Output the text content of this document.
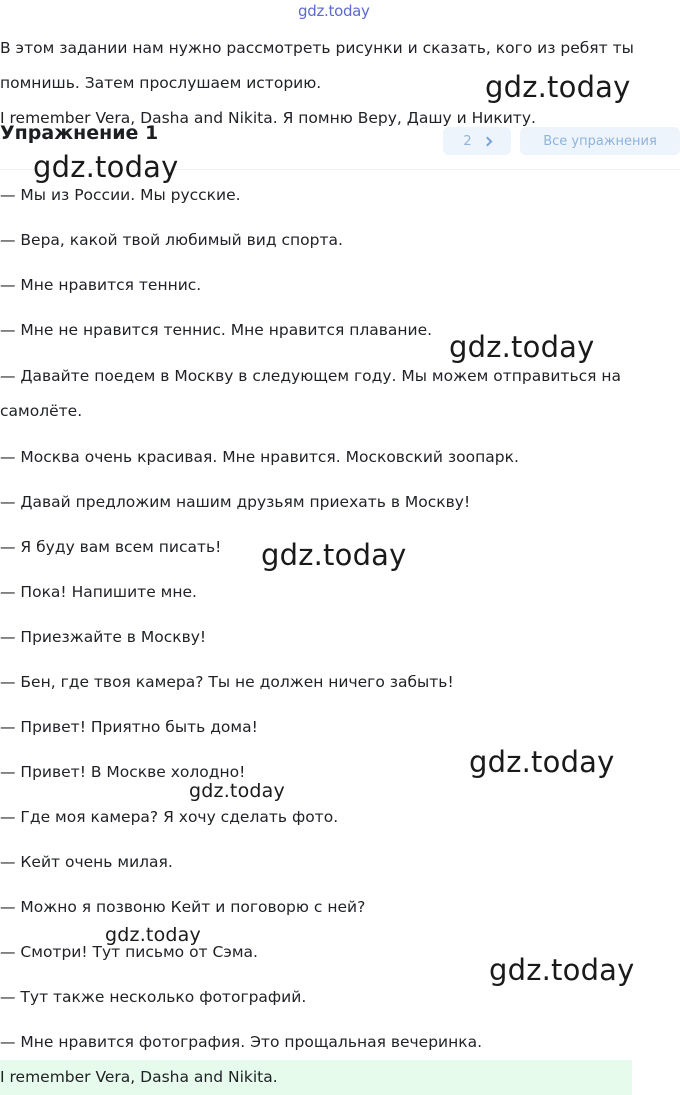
gdz.today

В этом задании нам нужно рассмотреть рисунки и сказать, кого из ребят ты помнишь. Затем прослушаем историю.

I remember Vera, Dasha and Nikita. Я помню Веру, Дашу и Никиту.

Упражнение 1	2	Все упражнения
— Мы из России. Мы русские.
— Вера, какой твой любимый вид спорта.
— Мне нравится теннис.
— Мне не нравится теннис. Мне нравится плавание.
— Давайте поедем в Москву в следующем году. Мы можем отправиться на самолёте.
— Москва очень красивая. Мне нравится. Московский зоопарк.
— Давай предложим нашим друзьям приехать в Москву!
— Я буду вам всем писать!
— Пока! Напишите мне.
— Приезжайте в Москву!
— Бен, где твоя камера? Ты не должен ничего забыть!
— Привет! Приятно быть дома!
— Привет! В Москве холодно!
— Где моя камера? Я хочу сделать фото.
— Кейт очень милая.
— Можно я позвоню Кейт и поговорю с ней?
— Смотри! Тут письмо от Сэма.
— Тут также несколько фотографий.
— Мне нравится фотография. Это прощальная вечеринка.
I remember Vera, Dasha and Nikita.
gdz.today
gdz.today
gdz.today
gdz.today
gdz.today
gdz.today
gdz.today
gdz.today
